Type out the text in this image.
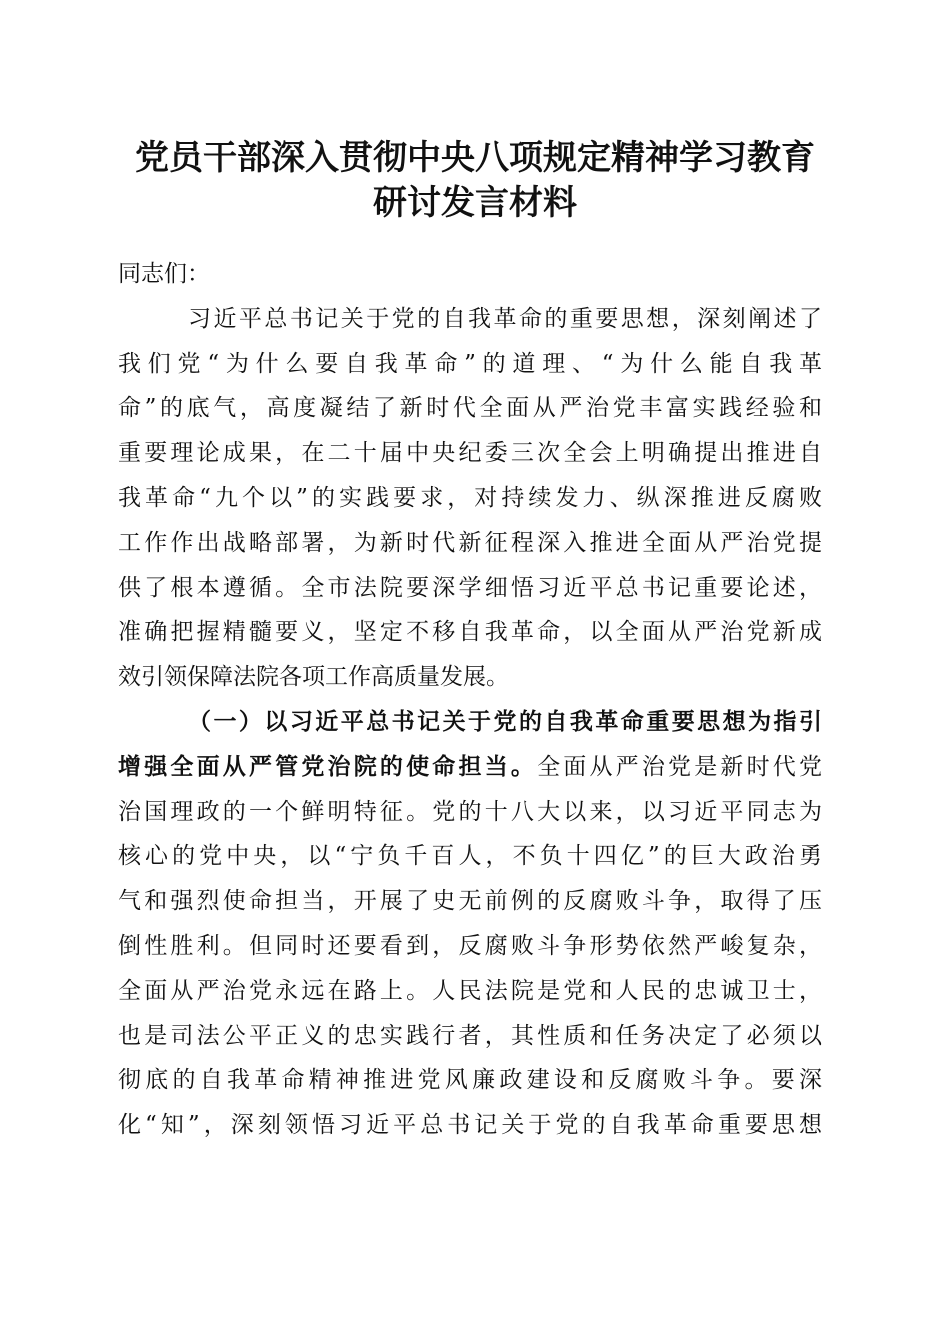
党员干部深入贯彻中央八项规定精神学习教育
研讨发言材料
同志们：
习近平总书记关于党的自我革命的重要思想，深刻阐述了
我们党“为什么要自我革命”的道理、“为什么能自我革
命”的底气，高度凝结了新时代全面从严治党丰富实践经验和
重要理论成果，在二十届中央纪委三次全会上明确提出推进自
我革命“九个以”的实践要求，对持续发力、纵深推进反腐败
工作作出战略部署，为新时代新征程深入推进全面从严治党提
供了根本遵循。全市法院要深学细悟习近平总书记重要论述，
准确把握精髓要义，坚定不移自我革命，以全面从严治党新成
效引领保障法院各项工作高质量发展。
（一）以习近平总书记关于党的自我革命重要思想为指引
增强全面从严管党治院的使命担当。全面从严治党是新时代党
治国理政的一个鲜明特征。党的十八大以来，以习近平同志为
核心的党中央，以“宁负千百人，不负十四亿”的巨大政治勇
气和强烈使命担当，开展了史无前例的反腐败斗争，取得了压
倒性胜利。但同时还要看到，反腐败斗争形势依然严峻复杂，
全面从严治党永远在路上。人民法院是党和人民的忠诚卫士，
也是司法公平正义的忠实践行者，其性质和任务决定了必须以
彻底的自我革命精神推进党风廉政建设和反腐败斗争。要深
化“知”，深刻领悟习近平总书记关于党的自我革命重要思想
